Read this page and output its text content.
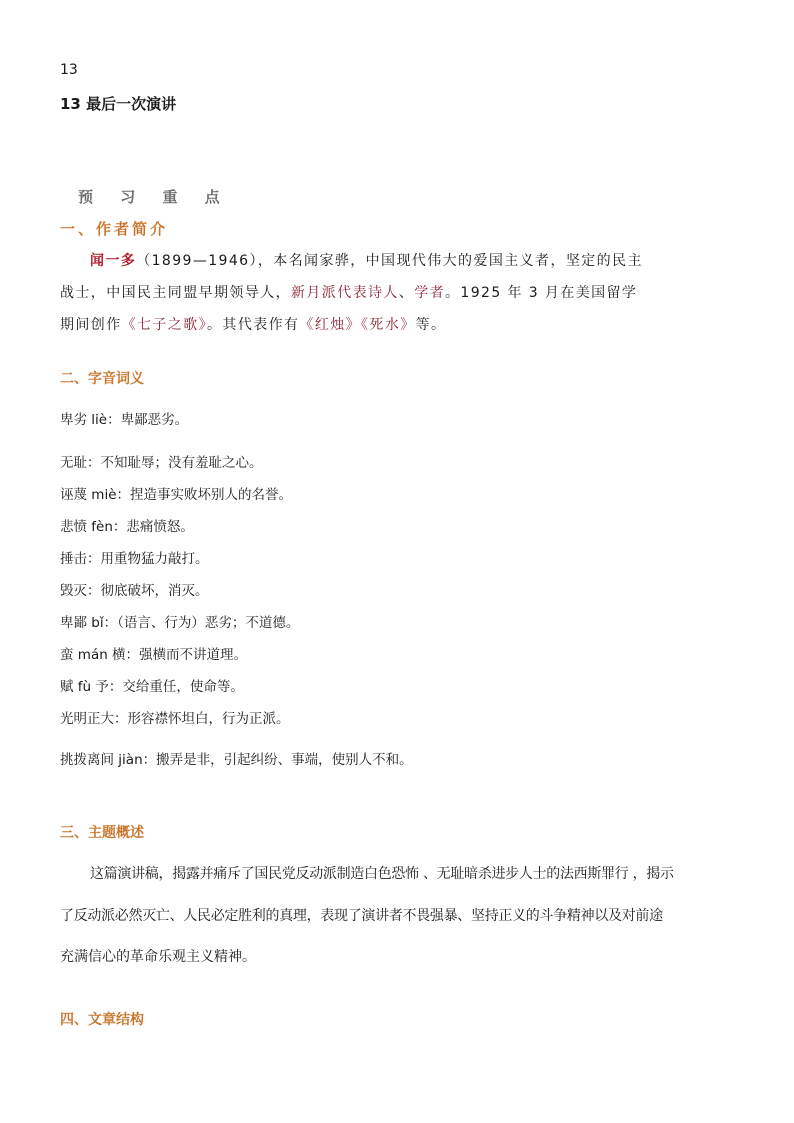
13
13 最后一次演讲
预 习 重 点
一、作者简介
闻一多（1899—1946），本名闻家骅，中国现代伟大的爱国主义者，坚定的民主
战士，中国民主同盟早期领导人，新月派代表诗人、学者。1925 年 3 月在美国留学
期间创作《七子之歌》。其代表作有《红烛》《死水》等。
二、字音词义
卑劣 liè：卑鄙恶劣。
无耻：不知耻辱；没有羞耻之心。
诬蔑 miè：捏造事实败坏别人的名誉。
悲愤 fèn：悲痛愤怒。
捶击：用重物猛力敲打。
毁灭：彻底破坏，消灭。
卑鄙 bǐ：（语言、行为）恶劣；不道德。
蛮 mán 横：强横而不讲道理。
赋 fù 予：交给重任，使命等。
光明正大：形容襟怀坦白，行为正派。
挑拨离间 jiàn：搬弄是非，引起纠纷、事端，使别人不和。
三、主题概述
这篇演讲稿，揭露并痛斥了国民党反动派制造白色恐怖 、无耻暗杀进步人士的法西斯罪行 ，揭示
了反动派必然灭亡、人民必定胜利的真理，表现了演讲者不畏强暴、坚持正义的斗争精神以及对前途
充满信心的革命乐观主义精神。
四、文章结构
